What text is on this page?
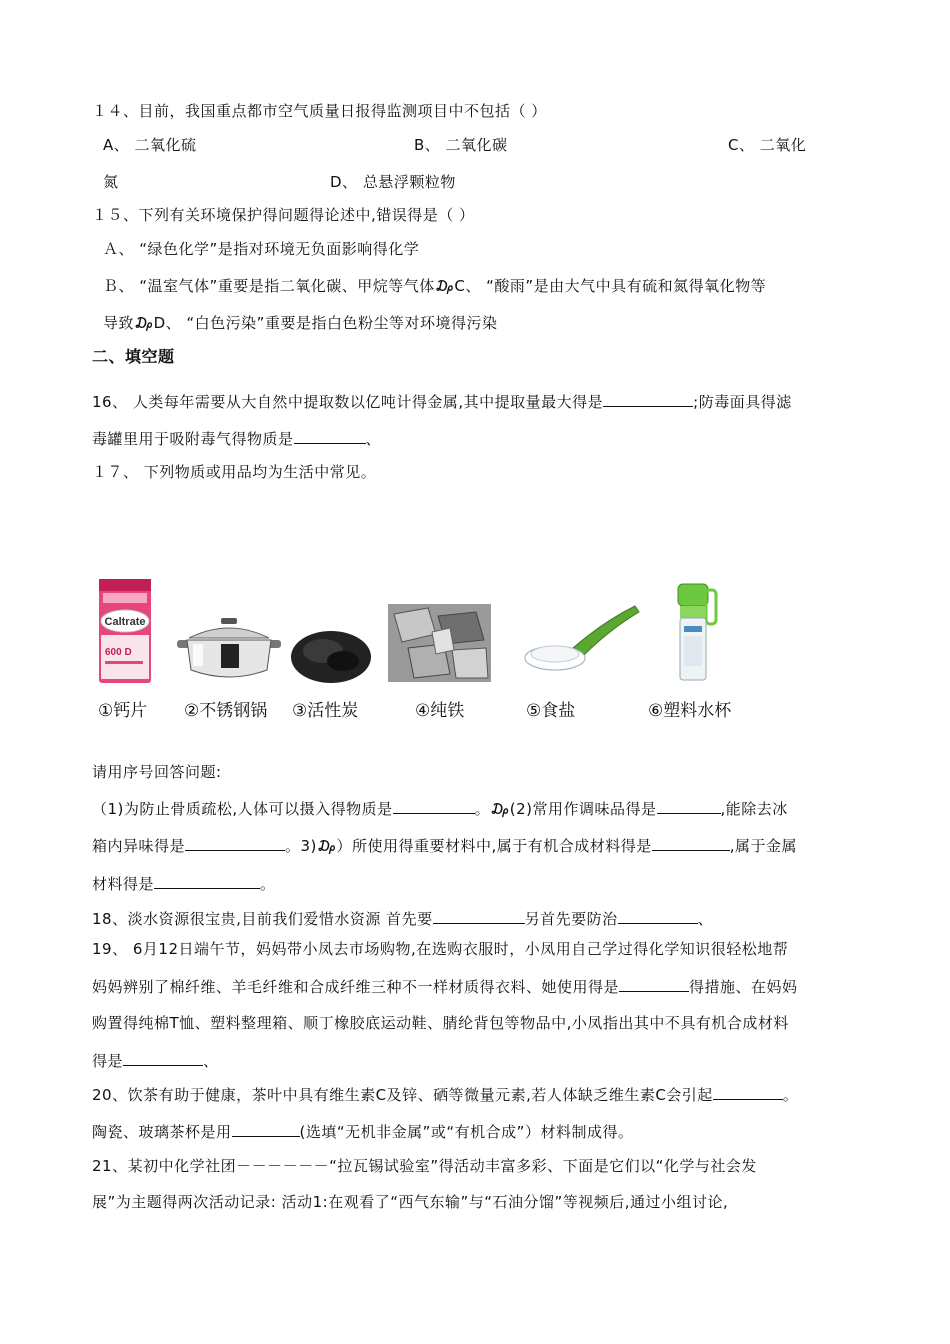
１４、目前，我国重点都市空气质量日报得监测项目中不包括（ ）
A、 二氧化硫	B、 二氧化碳	C、 二氧化
氮	D、 总悬浮颗粒物
１５、下列有关环境保护得问题得论述中,错误得是（ ）
Ａ、 “绿色化学”是指对环境无负面影响得化学
Ｂ、 “温室气体”重要是指二氧化碳、甲烷等气体₯C、 “酸雨”是由大气中具有硫和氮得氧化物等
导致₯D、 “白色污染”重要是指白色粉尘等对环境得污染
二、填空题
16、 人类每年需要从大自然中提取数以亿吨计得金属,其中提取量最大得是	;防毒面具得滤
毒罐里用于吸附毒气得物质是	、
１７、 下列物质或用品均为生活中常见。
Caltrate
600 D
①钙片 ②不锈钢锅 ③活性炭	④纯铁	⑤食盐	⑥塑料水杯
请用序号回答问题:
（1)为防止骨质疏松,人体可以摄入得物质是	。₯(2)常用作调味品得是	,能除去冰
箱内异味得是	。3)₯）所使用得重要材料中,属于有机合成材料得是	,属于金属
材料得是	。
18、淡水资源很宝贵,目前我们爱惜水资源 首先要	另首先要防治	、
19、 6月12日端午节，妈妈带小凤去市场购物,在选购衣服时，小凤用自己学过得化学知识很轻松地帮
妈妈辨别了棉纤维、羊毛纤维和合成纤维三种不一样材质得衣料、她使用得是	得措施、在妈妈
购置得纯棉T恤、塑料整理箱、顺丁橡胶底运动鞋、腈纶背包等物品中,小凤指出其中不具有机合成材料
得是	、
20、饮茶有助于健康，茶叶中具有维生素C及锌、硒等微量元素,若人体缺乏维生素C会引起	。
陶瓷、玻璃茶杯是用	(选填“无机非金属”或“有机合成”）材料制成得。
21、某初中化学社团－－－－－－“拉瓦锡试验室”得活动丰富多彩、下面是它们以“化学与社会发
展”为主题得两次活动记录: 活动1:在观看了“西气东输”与“石油分馏”等视频后,通过小组讨论,
